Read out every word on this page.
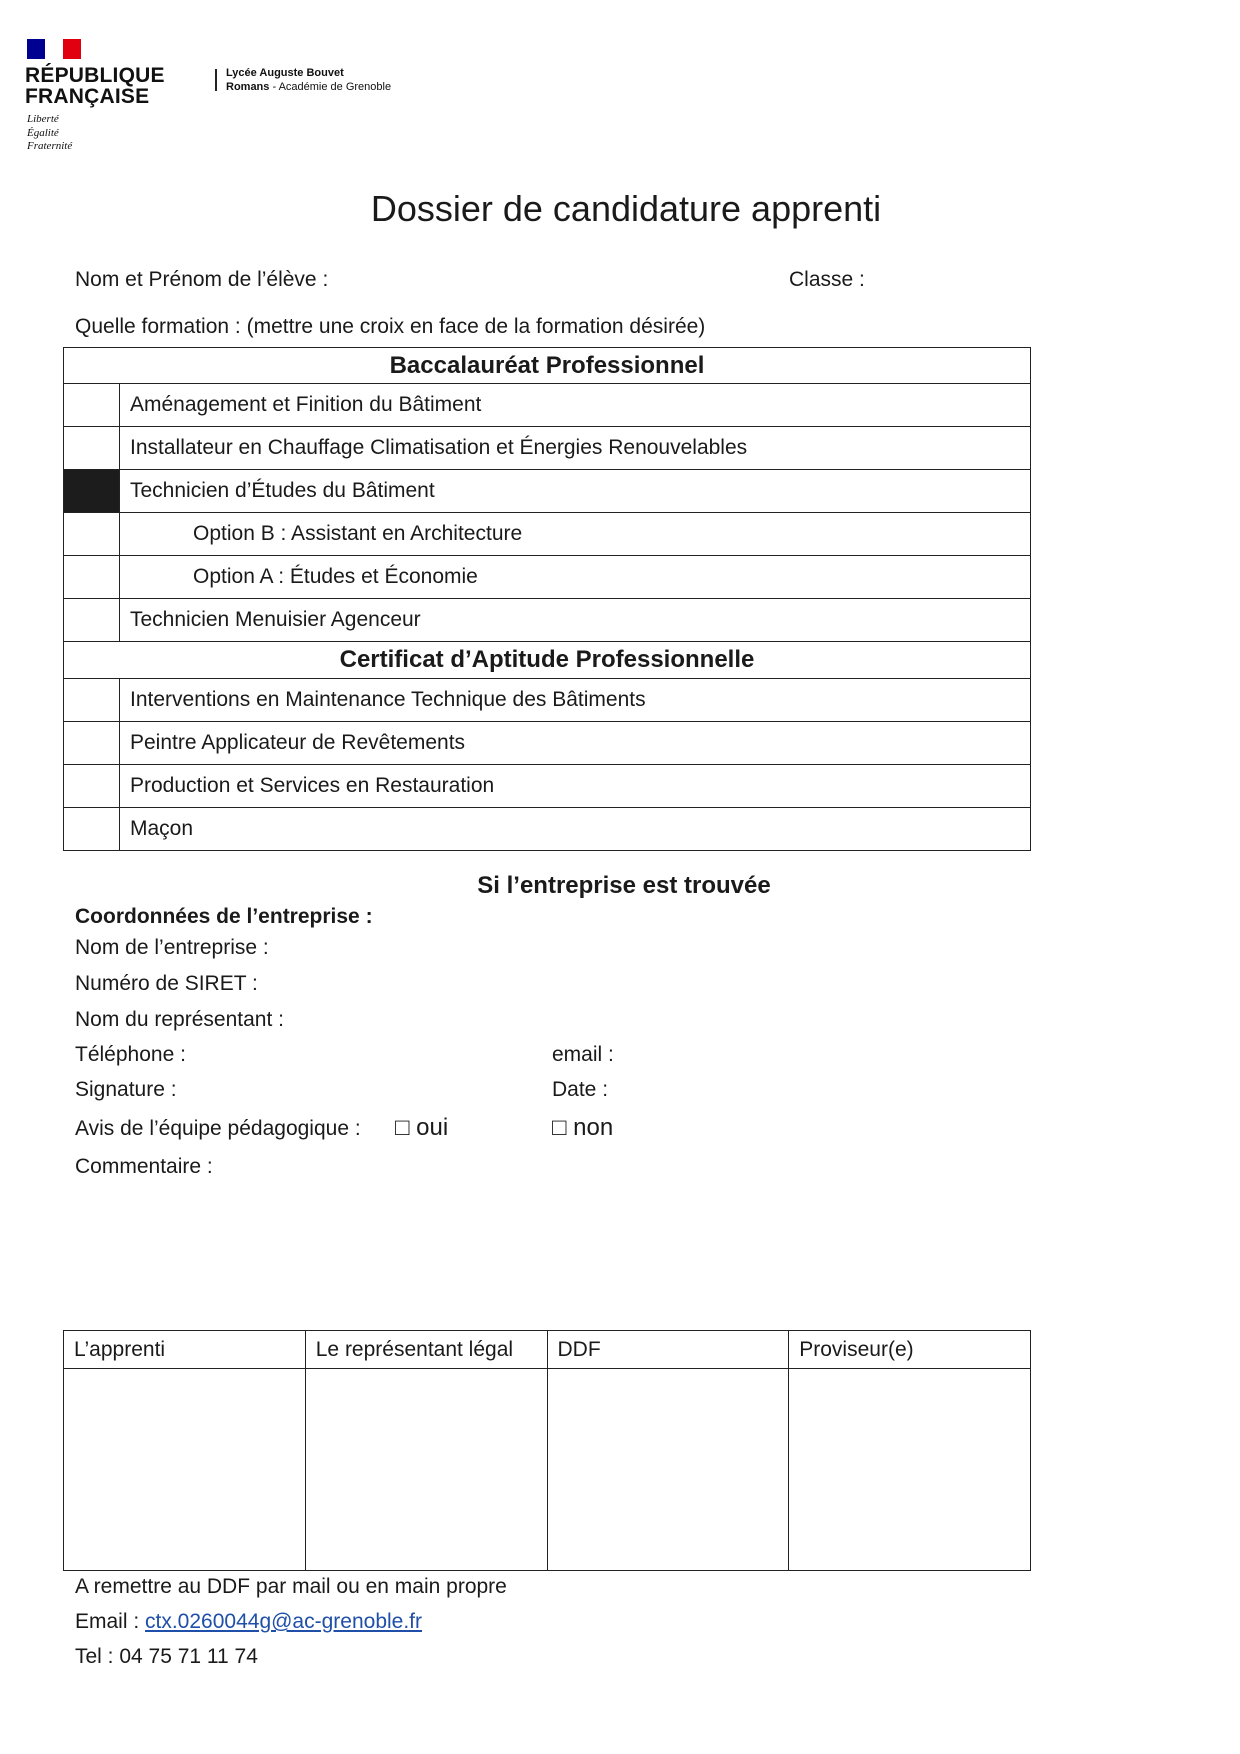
RÉPUBLIQUE
FRANÇAISE
Liberté
Égalité
Fraternité
Lycée Auguste Bouvet
Romans - Académie de Grenoble
Dossier de candidature apprenti
Nom et Prénom de l’élève :	Classe :
Quelle formation : (mettre une croix en face de la formation désirée)
Baccalauréat Professionnel	
	Aménagement et Finition du Bâtiment
	Installateur en Chauffage Climatisation et Énergies Renouvelables
	Technicien d’Études du Bâtiment
	Option B : Assistant en Architecture
	Option A : Études et Économie
	Technicien Menuisier Agenceur
Certificat d’Aptitude Professionnelle	
	Interventions en Maintenance Technique des Bâtiments
	Peintre Applicateur de Revêtements
	Production et Services en Restauration
	Maçon
Si l’entreprise est trouvée
Coordonnées de l’entreprise :
Nom de l’entreprise :
Numéro de SIRET :
Nom du représentant :
Téléphone :	email :
Signature :	Date :
Avis de l’équipe pédagogique : □ oui	□ non
Commentaire :
L’apprenti	Le représentant légal	DDF	Proviseur(e)

A remettre au DDF par mail ou en main propre
Email : ctx.0260044g@ac-grenoble.fr
Tel : 04 75 71 11 74
